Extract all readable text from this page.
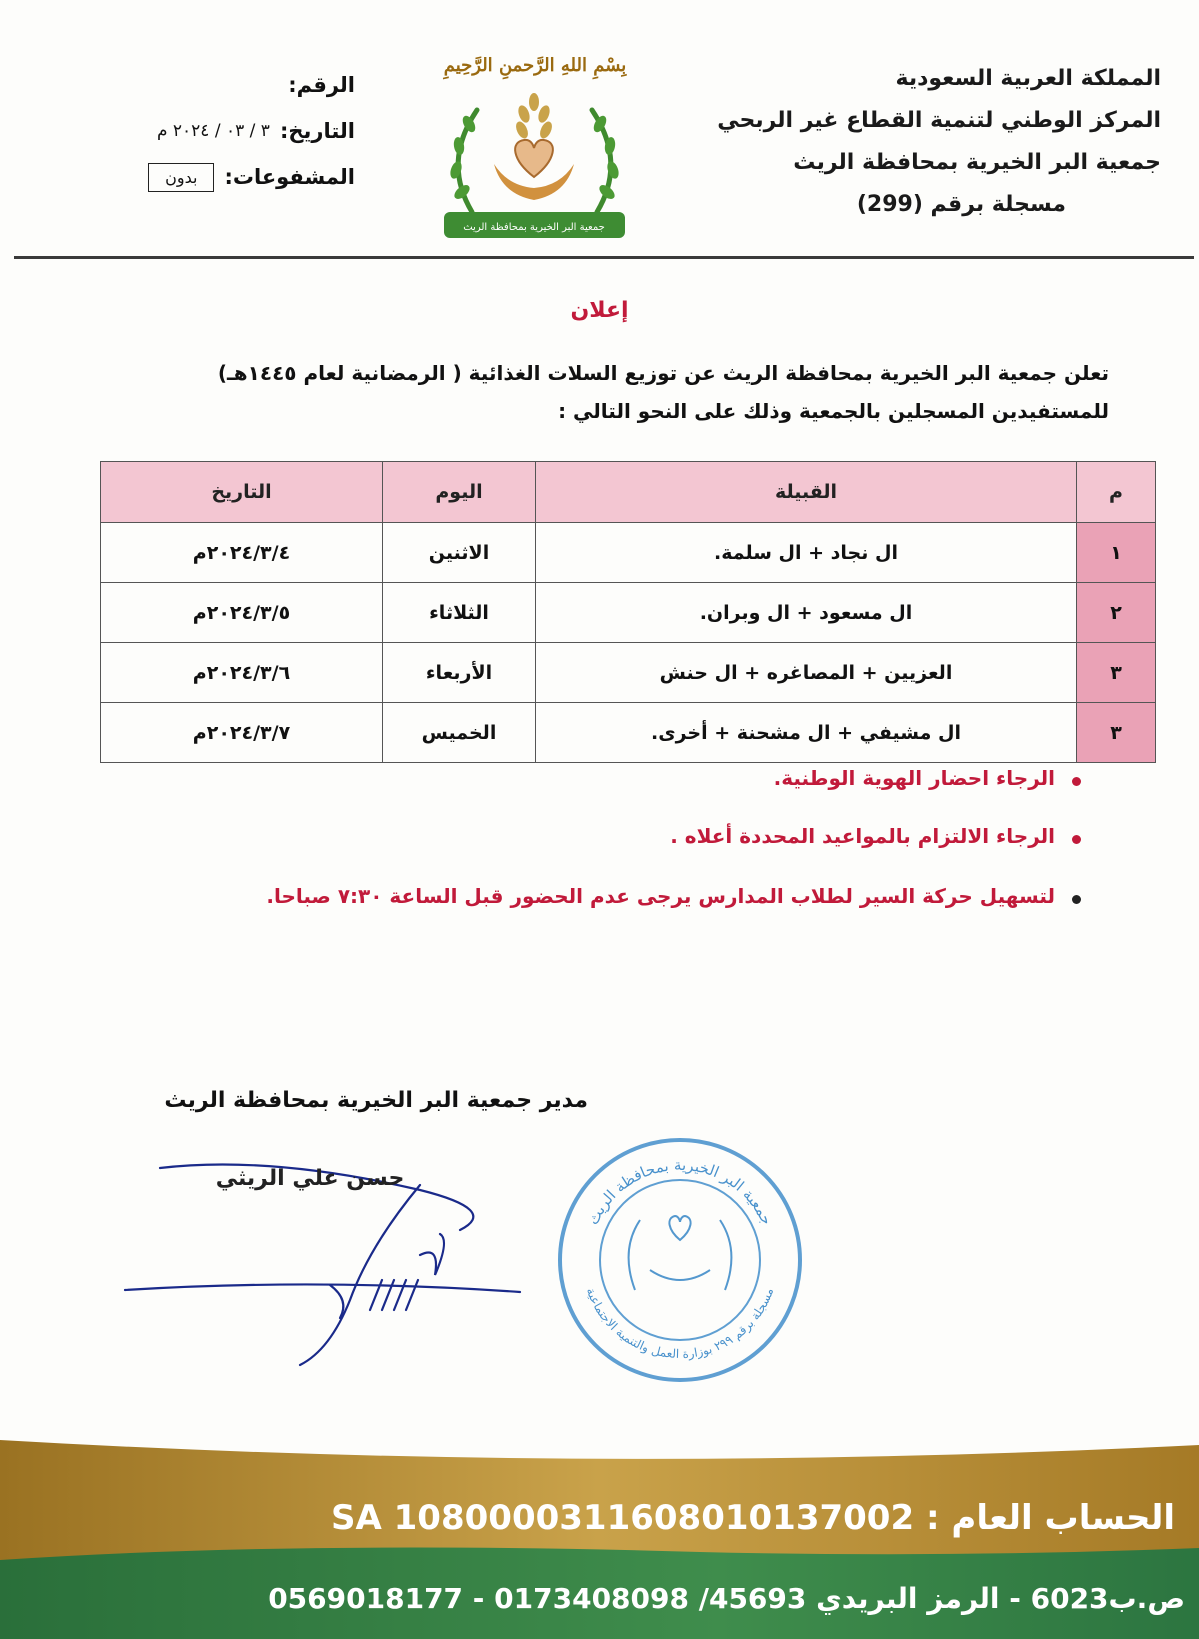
المملكة العربية السعودية
المركز الوطني لتنمية القطاع غير الربحي
جمعية البر الخيرية بمحافظة الريث
مسجلة برقم (299)
بِسْمِ اللهِ الرَّحمنِ الرَّحِيمِ
جمعية البر الخيرية بمحافظة الريث
الرقم:
التاريخ:
٣ / ٠٣ / ٢٠٢٤ م
المشفوعات:
بدون
إعلان
تعلن جمعية البر الخيرية بمحافظة الريث عن توزيع السلات الغذائية ( الرمضانية لعام ١٤٤٥هـ)
للمستفيدين المسجلين بالجمعية وذلك على النحو التالي :
م	القبيلة	اليوم	التاريخ
١	ال نجاد + ال سلمة.	الاثنين	٢٠٢٤/٣/٤م
٢	ال مسعود + ال وبران.	الثلاثاء	٢٠٢٤/٣/٥م
٣	العزيين + المصاغره + ال حنش	الأربعاء	٢٠٢٤/٣/٦م
٣	ال مشيفي + ال مشحنة + أخرى.	الخميس	٢٠٢٤/٣/٧م
الرجاء احضار الهوية الوطنية.
الرجاء الالتزام بالمواعيد المحددة أعلاه .
لتسهيل حركة السير لطلاب المدارس يرجى عدم الحضور قبل الساعة ٧:٣٠ صباحا.
مدير جمعية البر الخيرية بمحافظة الريث
حسن علي الريثي
جمعية البر الخيرية بمحافظة الريث
مسجلة برقم ٢٩٩ بوزارة العمل والتنمية الاجتماعية
الحساب العام : SA 1080000311608010137002
ص.ب6023 - الرمز البريدي 45693/ 0173408098 - 0569018177
